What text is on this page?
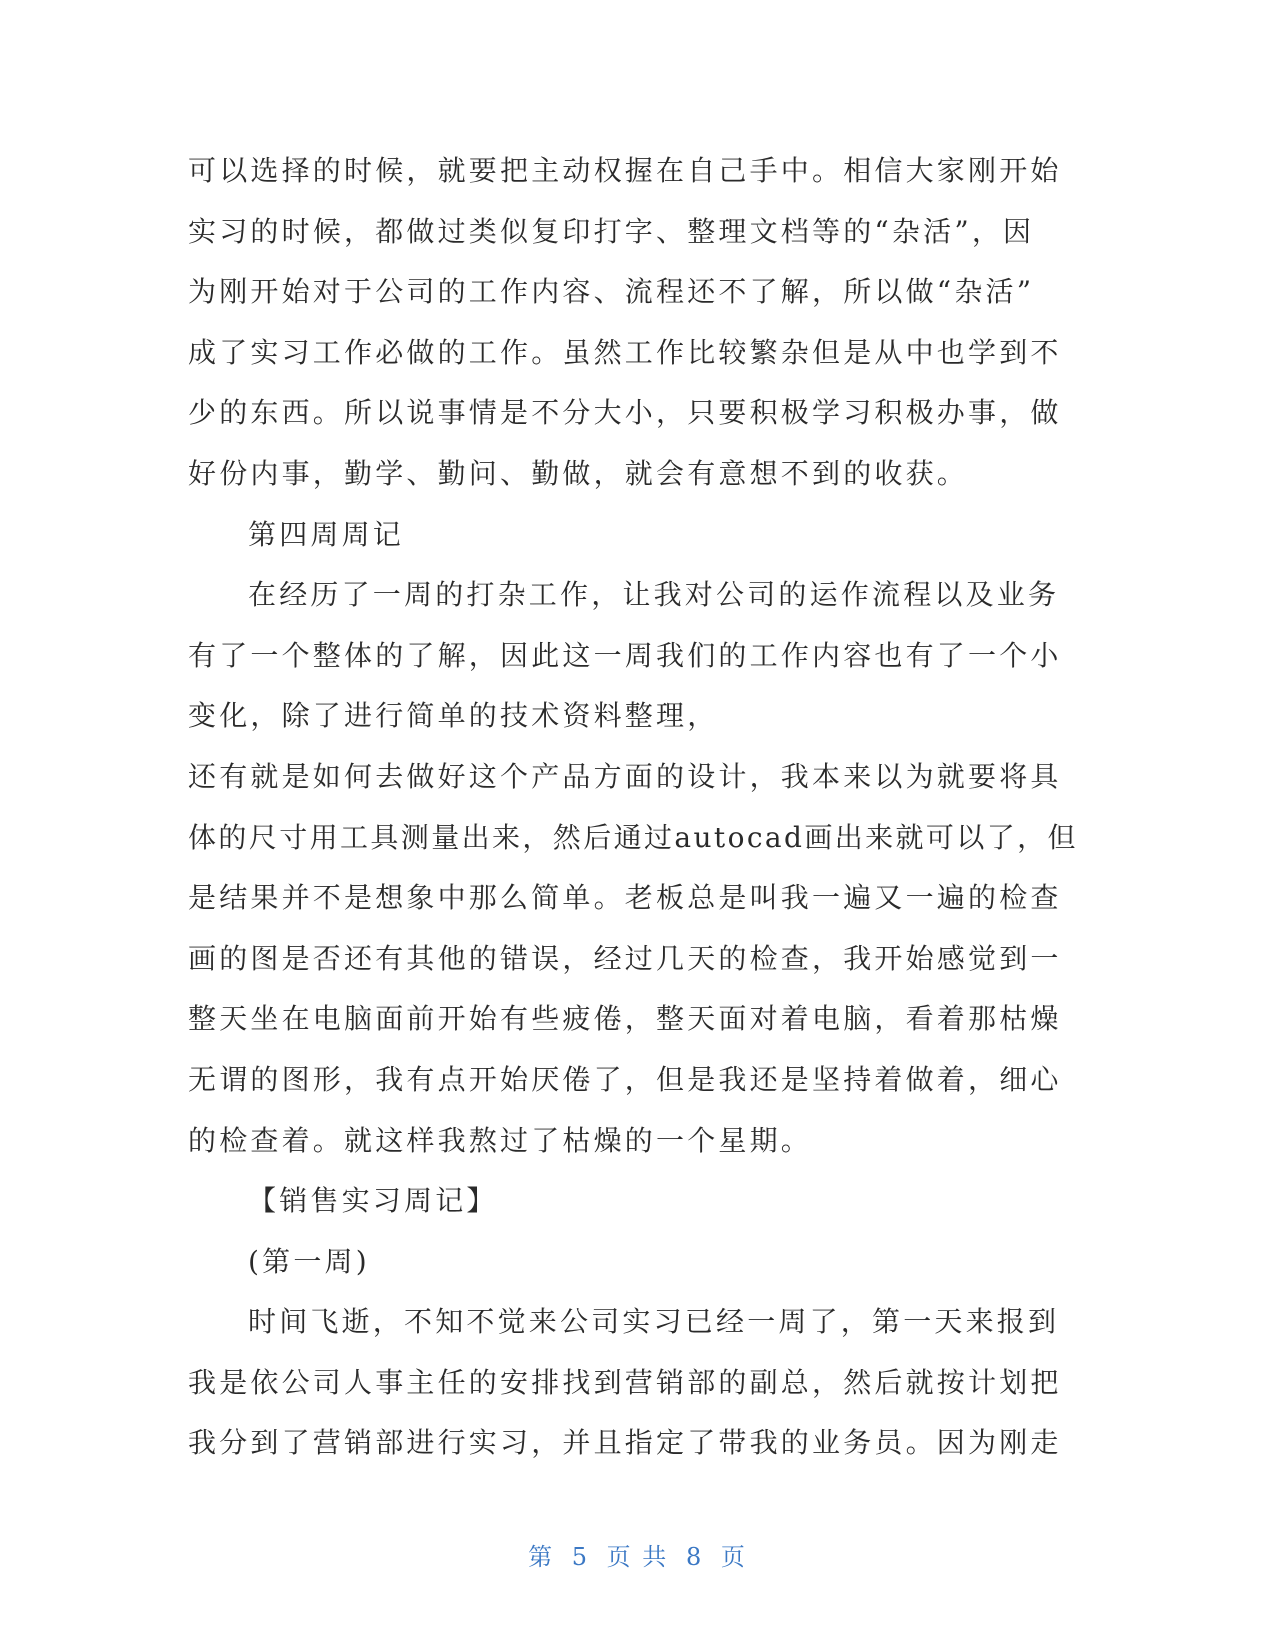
可以选择的时候，就要把主动权握在自己手中。相信大家刚开始
实习的时候，都做过类似复印打字、整理文档等的“杂活”，因
为刚开始对于公司的工作内容、流程还不了解，所以做“杂活”
成了实习工作必做的工作。虽然工作比较繁杂但是从中也学到不
少的东西。所以说事情是不分大小，只要积极学习积极办事，做
好份内事，勤学、勤问、勤做，就会有意想不到的收获。
第四周周记
在经历了一周的打杂工作，让我对公司的运作流程以及业务
有了一个整体的了解，因此这一周我们的工作内容也有了一个小
变化，除了进行简单的技术资料整理，
还有就是如何去做好这个产品方面的设计，我本来以为就要将具
体的尺寸用工具测量出来，然后通过autocad画出来就可以了，但
是结果并不是想象中那么简单。老板总是叫我一遍又一遍的检查
画的图是否还有其他的错误，经过几天的检查，我开始感觉到一
整天坐在电脑面前开始有些疲倦，整天面对着电脑，看着那枯燥
无谓的图形，我有点开始厌倦了，但是我还是坚持着做着，细心
的检查着。就这样我熬过了枯燥的一个星期。
【销售实习周记】
(第一周)
时间飞逝，不知不觉来公司实习已经一周了，第一天来报到
我是依公司人事主任的安排找到营销部的副总，然后就按计划把
我分到了营销部进行实习，并且指定了带我的业务员。因为刚走
第 5 页 共 8 页
